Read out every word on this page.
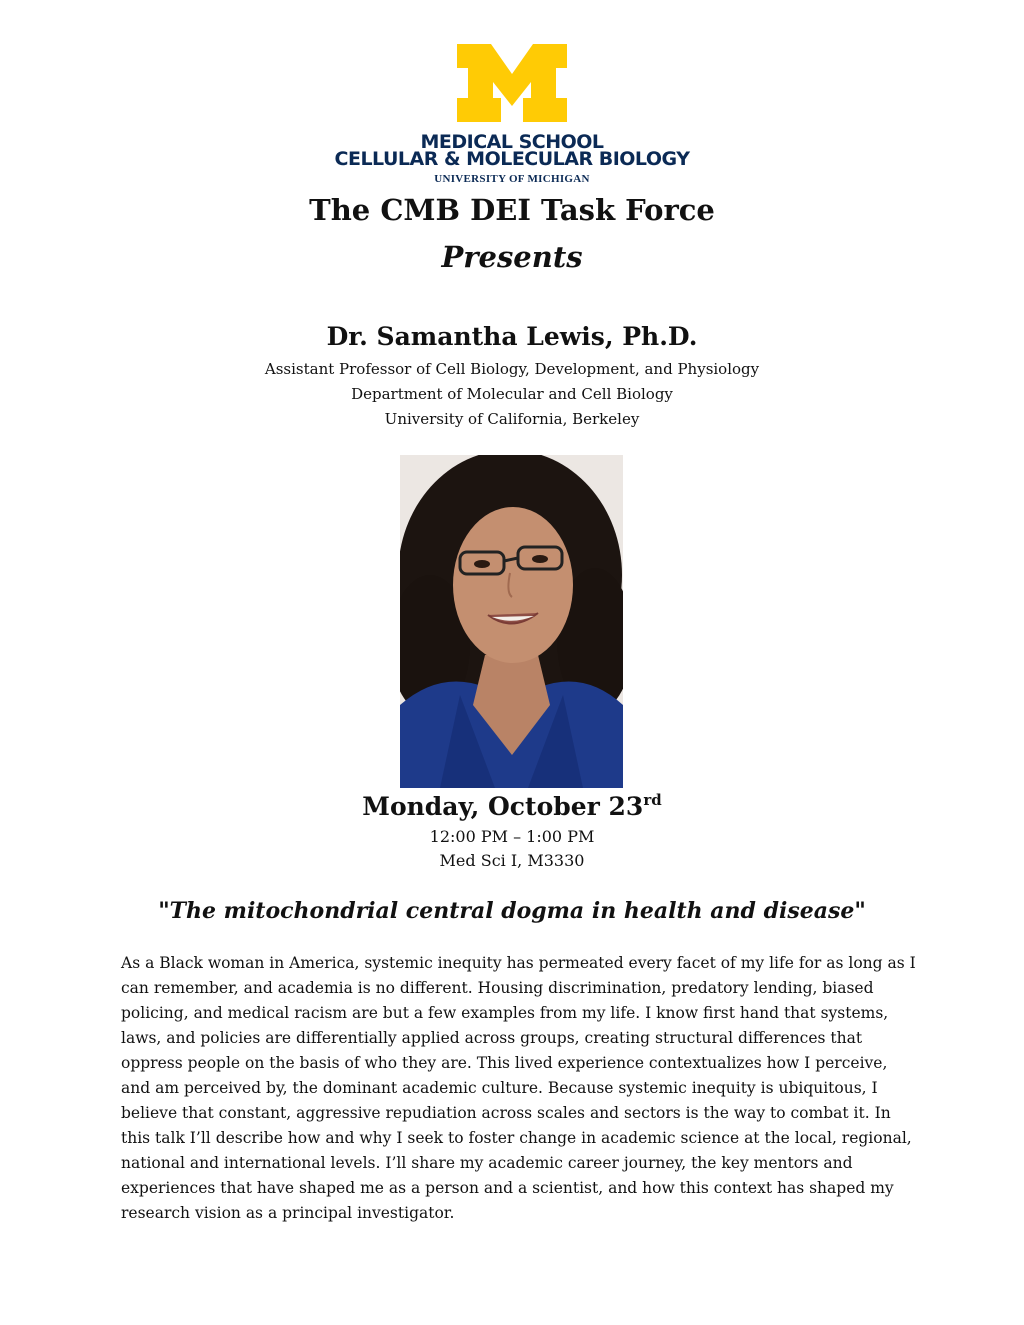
MEDICAL SCHOOL
CELLULAR & MOLECULAR BIOLOGY
UNIVERSITY OF MICHIGAN
The CMB DEI Task Force
Presents
Dr. Samantha Lewis, Ph.D.
Assistant Professor of Cell Biology, Development, and Physiology
Department of Molecular and Cell Biology
University of California, Berkeley
Monday, October 23rd
12:00 PM – 1:00 PM
Med Sci I, M3330
"The mitochondrial central dogma in health and disease"
As a Black woman in America, systemic inequity has permeated every facet of my life for as long as I
can remember, and academia is no different. Housing discrimination, predatory lending, biased
policing, and medical racism are but a few examples from my life. I know first hand that systems,
laws, and policies are differentially applied across groups, creating structural differences that
oppress people on the basis of who they are. This lived experience contextualizes how I perceive,
and am perceived by, the dominant academic culture. Because systemic inequity is ubiquitous, I
believe that constant, aggressive repudiation across scales and sectors is the way to combat it. In
this talk I’ll describe how and why I seek to foster change in academic science at the local, regional,
national and international levels. I’ll share my academic career journey, the key mentors and
experiences that have shaped me as a person and a scientist, and how this context has shaped my
research vision as a principal investigator.
